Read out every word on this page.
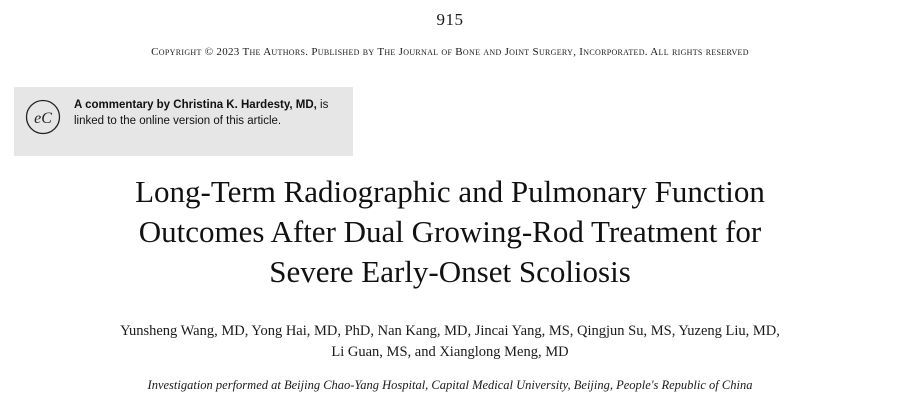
915
Copyright © 2023 The Authors. Published by The Journal of Bone and Joint Surgery, Incorporated. All rights reserved
eC
A commentary by Christina K. Hardesty, MD, is linked to the online version of this article.
Long-Term Radiographic and Pulmonary Function
Outcomes After Dual Growing-Rod Treatment for
Severe Early-Onset Scoliosis
Yunsheng Wang, MD, Yong Hai, MD, PhD, Nan Kang, MD, Jincai Yang, MS, Qingjun Su, MS, Yuzeng Liu, MD,
Li Guan, MS, and Xianglong Meng, MD
Investigation performed at Beijing Chao-Yang Hospital, Capital Medical University, Beijing, People's Republic of China
